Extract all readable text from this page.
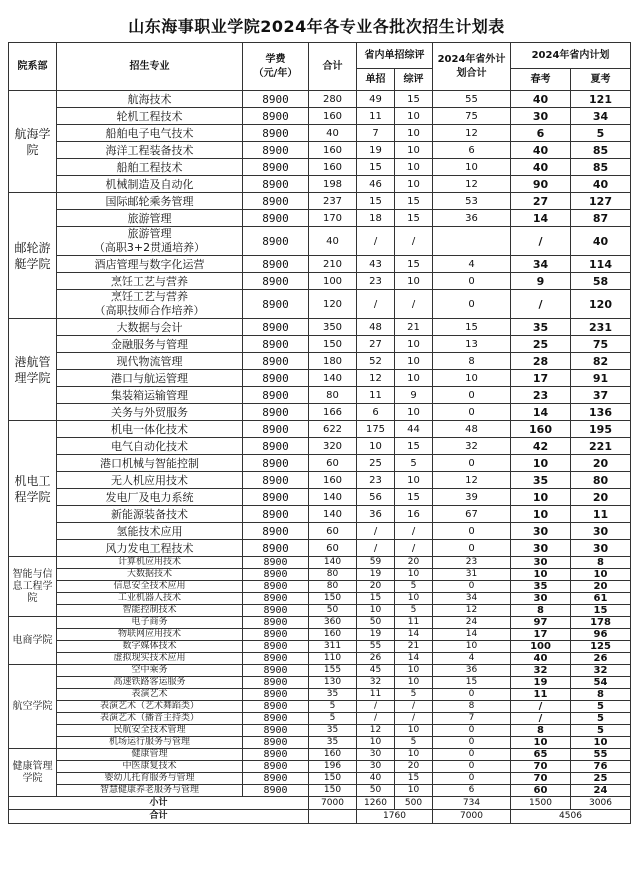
山东海事职业学院2024年各专业各批次招生计划表
院系部	招生专业	学费
（元/年）	合计	省内单招综评		2024年省外计划合计	2024年省内计划	
				单招	综评		春考	夏考
航海学院	航海技术	8900	280	49	15	55	40	121
	轮机工程技术	8900	160	11	10	75	30	34
	船舶电子电气技术	8900	40	7	10	12	6	5
	海洋工程装备技术	8900	160	19	10	6	40	85
	船舶工程技术	8900	160	15	10	10	40	85
	机械制造及自动化	8900	198	46	10	12	90	40
邮轮游艇学院	国际邮轮乘务管理	8900	237	15	15	53	27	127
	旅游管理	8900	170	18	15	36	14	87
	旅游管理
（高职3+2贯通培养）	8900	40	/	/		/	40
	酒店管理与数字化运营	8900	210	43	15	4	34	114
	烹饪工艺与营养	8900	100	23	10	0	9	58
	烹饪工艺与营养
（高职技师合作培养）	8900	120	/	/	0	/	120
港航管理学院	大数据与会计	8900	350	48	21	15	35	231
	金融服务与管理	8900	150	27	10	13	25	75
	现代物流管理	8900	180	52	10	8	28	82
	港口与航运管理	8900	140	12	10	10	17	91
	集装箱运输管理	8900	80	11	9	0	23	37
	关务与外贸服务	8900	166	6	10	0	14	136
机电工程学院	机电一体化技术	8900	622	175	44	48	160	195
	电气自动化技术	8900	320	10	15	32	42	221
	港口机械与智能控制	8900	60	25	5	0	10	20
	无人机应用技术	8900	160	23	10	12	35	80
	发电厂及电力系统	8900	140	56	15	39	10	20
	新能源装备技术	8900	140	36	16	67	10	11
	氢能技术应用	8900	60	/	/	0	30	30
	风力发电工程技术	8900	60	/	/	0	30	30
智能与信息工程学院	计算机应用技术	8900	140	59	20	23	30	8
	大数据技术	8900	80	19	10	31	10	10
	信息安全技术应用	8900	80	20	5	0	35	20
	工业机器人技术	8900	150	15	10	34	30	61
	智能控制技术	8900	50	10	5	12	8	15
电商学院	电子商务	8900	360	50	11	24	97	178
	物联网应用技术	8900	160	19	14	14	17	96
	数字媒体技术	8900	311	55	21	10	100	125
	虚拟现实技术应用	8900	110	26	14	4	40	26
航空学院	空中乘务	8900	155	45	10	36	32	32
	高速铁路客运服务	8900	130	32	10	15	19	54
	表演艺术	8900	35	11	5	0	11	8
	表演艺术（艺术舞蹈类）	8900	5	/	/	8	/	5
	表演艺术（播音主持类）	8900	5	/	/	7	/	5
	民航安全技术管理	8900	35	12	10	0	8	5
	机场运行服务与管理	8900	35	10	5	0	10	10
健康管理学院	健康管理	8900	160	30	10	0	65	55
	中医康复技术	8900	196	30	20	0	70	76
	婴幼儿托育服务与管理	8900	150	40	15	0	70	25
	智慧健康养老服务与管理	8900	150	50	10	6	60	24
小计			7000	1260	500	734	1500	3006
合计				1760		7000	4506	
